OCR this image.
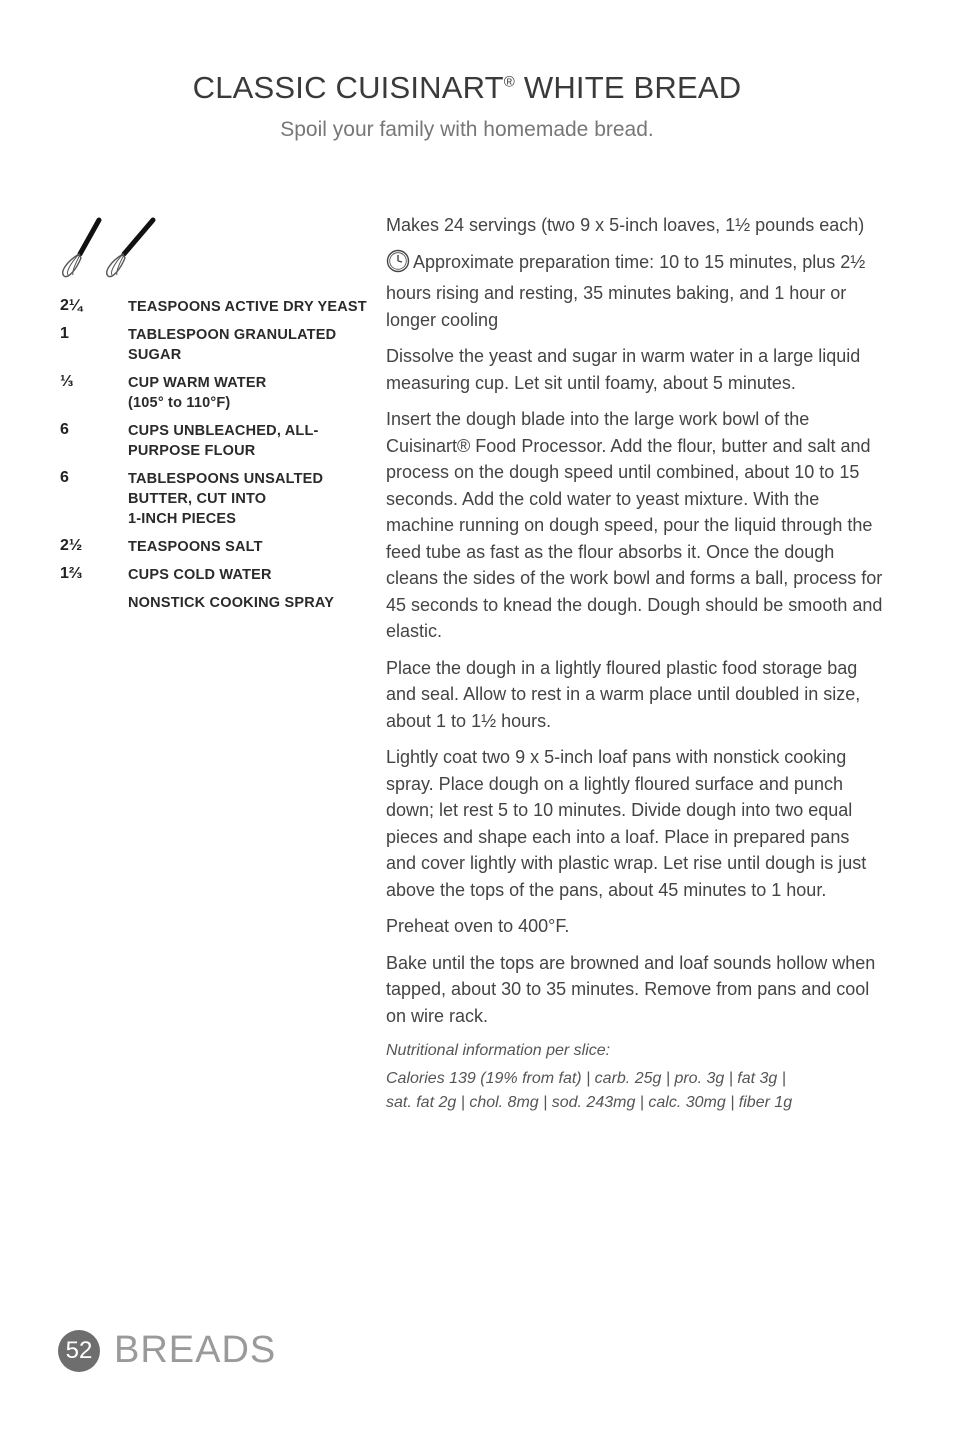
CLASSIC CUISINART® WHITE BREAD
Spoil your family with homemade bread.
2¼	TEASPOONS ACTIVE DRY YEAST
1	TABLESPOON GRANULATED SUGAR
⅓	CUP WARM WATER
(105° to 110°F)
6	CUPS UNBLEACHED, ALL-PURPOSE FLOUR
6	TABLESPOONS UNSALTED BUTTER, CUT INTO
1-INCH PIECES
2½	TEASPOONS SALT
1⅔	CUPS COLD WATER
NONSTICK COOKING SPRAY

Makes 24 servings (two 9 x 5-inch loaves, 1½ pounds each)

Approximate preparation time: 10 to 15 minutes, plus 2½ hours rising and resting, 35 minutes baking, and 1 hour or longer cooling

Dissolve the yeast and sugar in warm water in a large liquid measuring cup. Let sit until foamy, about 5 minutes.

Insert the dough blade into the large work bowl of the Cuisinart® Food Processor. Add the flour, butter and salt and process on the dough speed until combined, about 10 to 15 seconds. Add the cold water to yeast mixture. With the machine running on dough speed, pour the liquid through the feed tube as fast as the flour absorbs it. Once the dough cleans the sides of the work bowl and forms a ball, process for 45 seconds to knead the dough. Dough should be smooth and elastic.

Place the dough in a lightly floured plastic food storage bag and seal. Allow to rest in a warm place until doubled in size, about 1 to 1½ hours.

Lightly coat two 9 x 5-inch loaf pans with nonstick cooking spray. Place dough on a lightly floured surface and punch down; let rest 5 to 10 minutes. Divide dough into two equal pieces and shape each into a loaf. Place in prepared pans and cover lightly with plastic wrap. Let rise until dough is just above the tops of the pans, about 45 minutes to 1 hour.

Preheat oven to 400°F.

Bake until the tops are browned and loaf sounds hollow when tapped, about 30 to 35 minutes. Remove from pans and cool on wire rack.

Nutritional information per slice:
Calories 139 (19% from fat) | carb. 25g | pro. 3g | fat 3g |
sat. fat 2g | chol. 8mg | sod. 243mg | calc. 30mg | fiber 1g
52 BREADS
